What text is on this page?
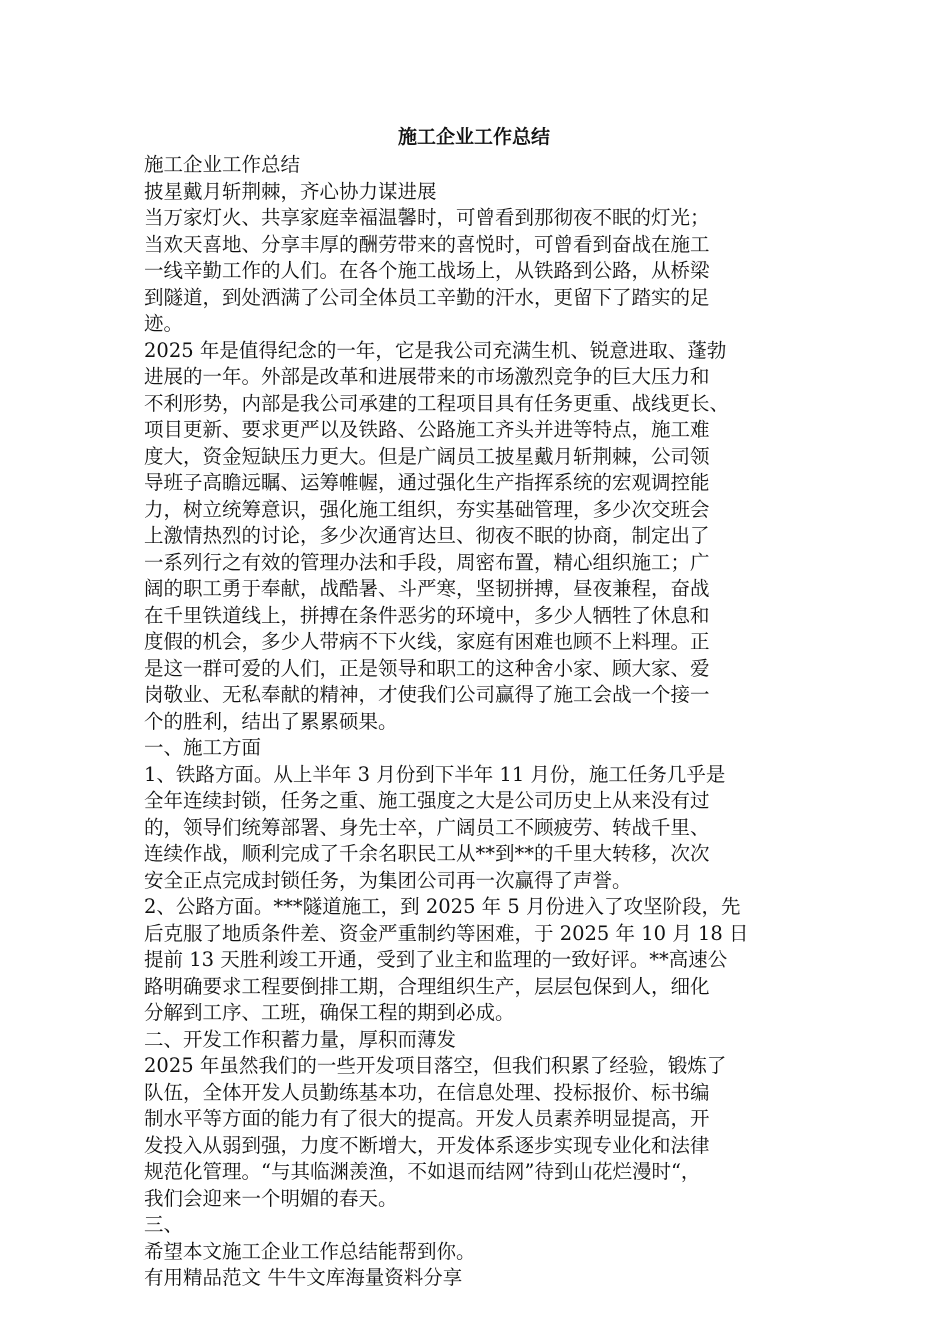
施工企业工作总结

施工企业工作总结

披星戴月斩荆棘，齐心协力谋进展

当万家灯火、共享家庭幸福温馨时，可曾看到那彻夜不眠的灯光；

当欢天喜地、分享丰厚的酬劳带来的喜悦时，可曾看到奋战在施工

一线辛勤工作的人们。在各个施工战场上，从铁路到公路，从桥梁

到隧道，到处洒满了公司全体员工辛勤的汗水，更留下了踏实的足

迹。

2025 年是值得纪念的一年，它是我公司充满生机、锐意进取、蓬勃

进展的一年。外部是改革和进展带来的市场激烈竞争的巨大压力和

不利形势，内部是我公司承建的工程项目具有任务更重、战线更长、

项目更新、要求更严以及铁路、公路施工齐头并进等特点，施工难

度大，资金短缺压力更大。但是广阔员工披星戴月斩荆棘，公司领

导班子高瞻远瞩、运筹帷幄，通过强化生产指挥系统的宏观调控能

力，树立统筹意识，强化施工组织，夯实基础管理，多少次交班会

上激情热烈的讨论，多少次通宵达旦、彻夜不眠的协商，制定出了

一系列行之有效的管理办法和手段，周密布置，精心组织施工；广

阔的职工勇于奉献，战酷暑、斗严寒，坚韧拼搏，昼夜兼程，奋战

在千里铁道线上，拼搏在条件恶劣的环境中，多少人牺牲了休息和

度假的机会，多少人带病不下火线，家庭有困难也顾不上料理。正

是这一群可爱的人们，正是领导和职工的这种舍小家、顾大家、爱

岗敬业、无私奉献的精神，才使我们公司赢得了施工会战一个接一

个的胜利，结出了累累硕果。

一、施工方面

1、铁路方面。从上半年 3 月份到下半年 11 月份，施工任务几乎是

全年连续封锁，任务之重、施工强度之大是公司历史上从来没有过

的，领导们统筹部署、身先士卒，广阔员工不顾疲劳、转战千里、

连续作战，顺利完成了千余名职民工从**到**的千里大转移，次次

安全正点完成封锁任务，为集团公司再一次赢得了声誉。

2、公路方面。***隧道施工，到 2025 年 5 月份进入了攻坚阶段，先

后克服了地质条件差、资金严重制约等困难，于 2025 年 10 月 18 日

提前 13 天胜利竣工开通，受到了业主和监理的一致好评。**高速公

路明确要求工程要倒排工期，合理组织生产，层层包保到人，细化

分解到工序、工班，确保工程的期到必成。

二、开发工作积蓄力量，厚积而薄发

2025 年虽然我们的一些开发项目落空，但我们积累了经验，锻炼了

队伍，全体开发人员勤练基本功，在信息处理、投标报价、标书编

制水平等方面的能力有了很大的提高。开发人员素养明显提高，开

发投入从弱到强，力度不断增大，开发体系逐步实现专业化和法律

规范化管理。“与其临渊羡渔，不如退而结网”待到山花烂漫时“，

我们会迎来一个明媚的春天。

三、

希望本文施工企业工作总结能帮到你。

有用精品范文 牛牛文库海量资料分享
